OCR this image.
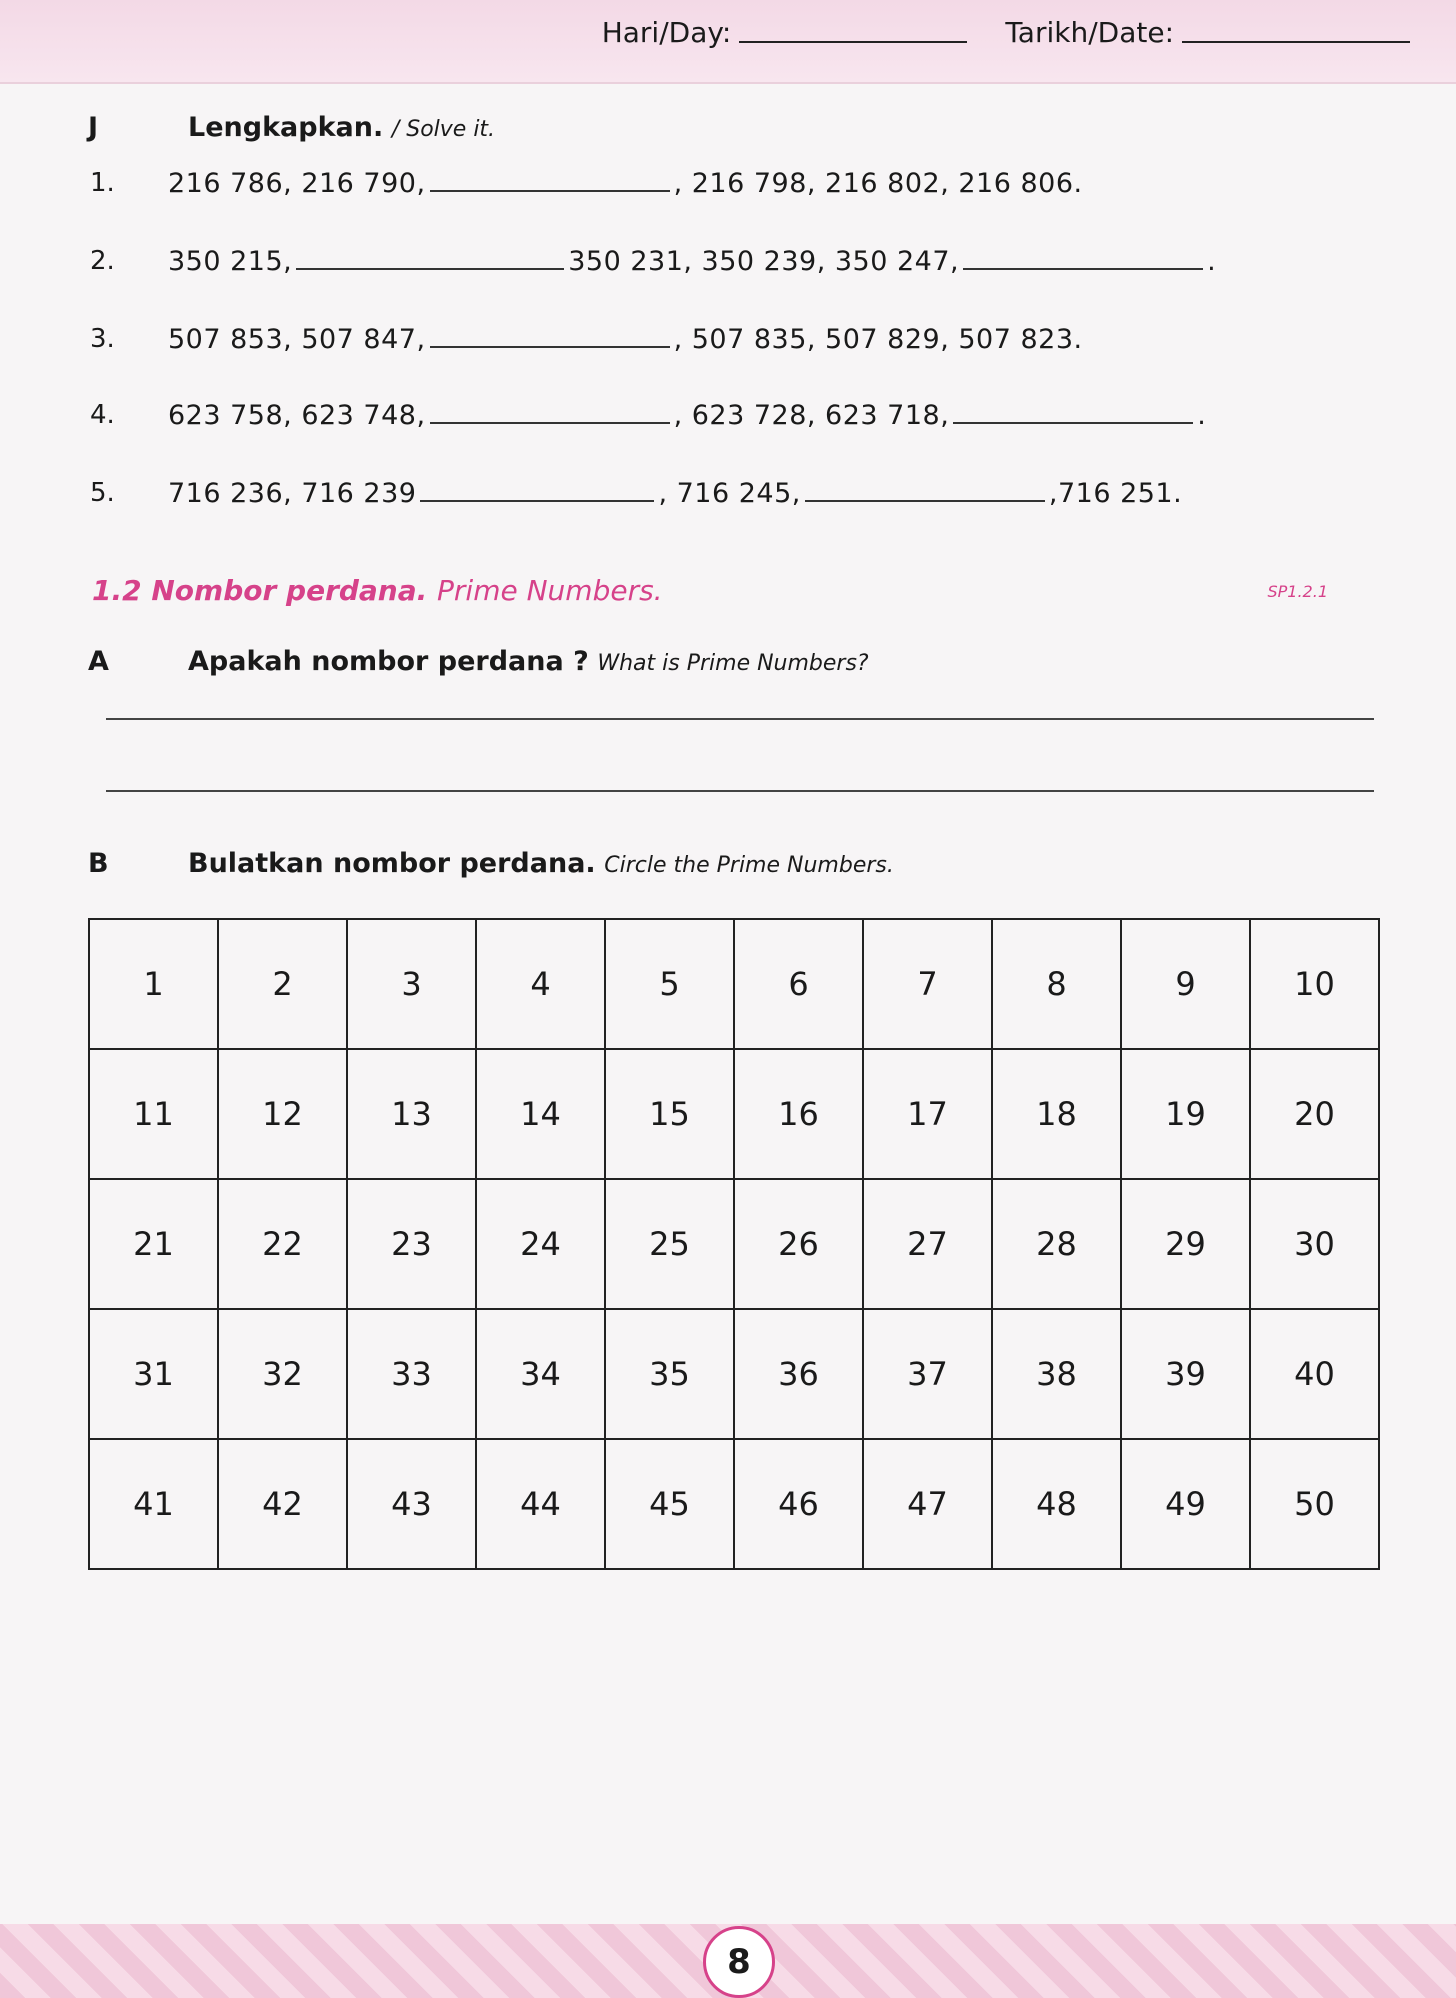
Hari/Day:	Tarikh/Date:
J	Lengkapkan. / Solve it.
1. 216 786, 216 790,	, 216 798, 216 802, 216 806.
2. 350 215,	350 231, 350 239, 350 247,	.
3. 507 853, 507 847,	, 507 835, 507 829, 507 823.
4. 623 758, 623 748,	, 623 728, 623 718,	.
5. 716 236, 716 239	, 716 245,	,716 251.
1.2 Nombor perdana. Prime Numbers.	SP1.2.1
A	Apakah nombor perdana ? What is Prime Numbers?
B	Bulatkan nombor perdana. Circle the Prime Numbers.
1	2	3	4	5	6	7	8	9	10
11	12	13	14	15	16	17	18	19	20
21	22	23	24	25	26	27	28	29	30
31	32	33	34	35	36	37	38	39	40
41	42	43	44	45	46	47	48	49	50
8
